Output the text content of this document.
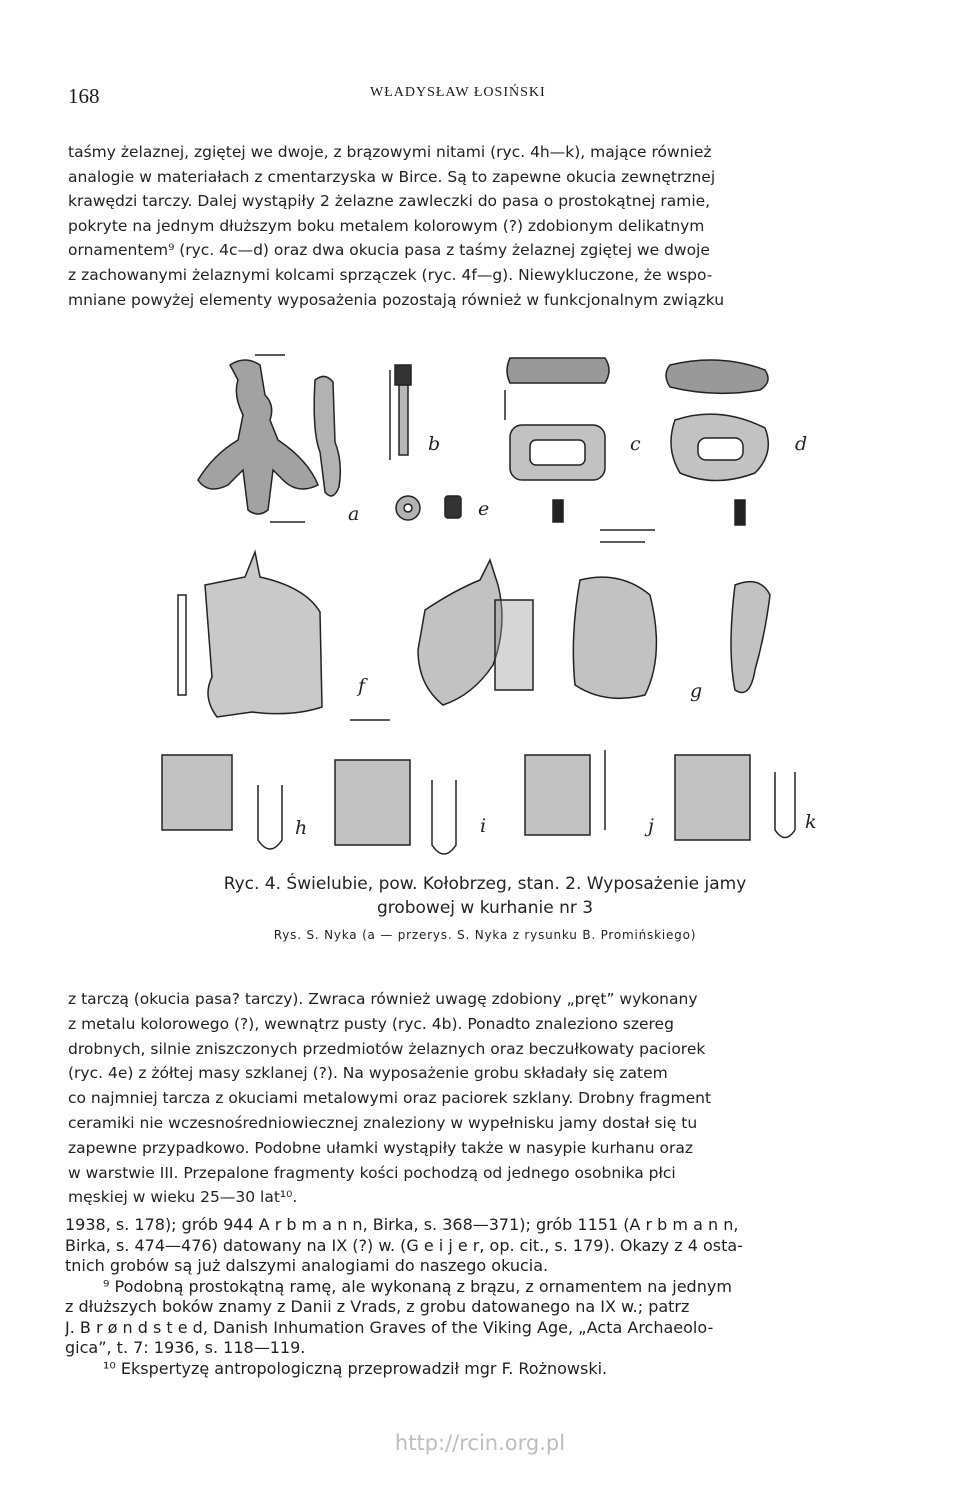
168	WŁADYSŁAW ŁOSIŃSKI

taśmy żelaznej, zgiętej we dwoje, z brązowymi nitami (ryc. 4h—k), mające również
analogie w materiałach z cmentarzyska w Birce. Są to zapewne okucia zewnętrznej
krawędzi tarczy. Dalej wystąpiły 2 żelazne zawleczki do pasa o prostokątnej ramie,
pokryte na jednym dłuższym boku metalem kolorowym (?) zdobionym delikatnym
ornamentem⁹ (ryc. 4c—d) oraz dwa okucia pasa z taśmy żelaznej zgiętej we dwoje
z zachowanymi żelaznymi kolcami sprzączek (ryc. 4f—g). Niewykluczone, że wspo-
mniane powyżej elementy wyposażenia pozostają również w funkcjonalnym związku

a
b	c	d
e
f	g
h	i	j	k
Ryc. 4. Świelubie, pow. Kołobrzeg, stan. 2. Wyposażenie jamy
grobowej w kurhanie nr 3
Rys. S. Nyka (a — przerys. S. Nyka z rysunku B. Promińskiego)

z tarczą (okucia pasa? tarczy). Zwraca również uwagę zdobiony „pręt” wykonany
z metalu kolorowego (?), wewnątrz pusty (ryc. 4b). Ponadto znaleziono szereg
drobnych, silnie zniszczonych przedmiotów żelaznych oraz beczułkowaty paciorek
(ryc. 4e) z żółtej masy szklanej (?). Na wyposażenie grobu składały się zatem
co najmniej tarcza z okuciami metalowymi oraz paciorek szklany. Drobny fragment
ceramiki nie wczesnośredniowiecznej znaleziony w wypełnisku jamy dostał się tu
zapewne przypadkowo. Podobne ułamki wystąpiły także w nasypie kurhanu oraz
w warstwie III. Przepalone fragmenty kości pochodzą od jednego osobnika płci
męskiej w wieku 25—30 lat¹⁰.

1938, s. 178); grób 944 A r b m a n n, Birka, s. 368—371); grób 1151 (A r b m a n n,
Birka, s. 474—476) datowany na IX (?) w. (G e i j e r, op. cit., s. 179). Okazy z 4 osta-
tnich grobów są już dalszymi analogiami do naszego okucia.
⁹ Podobną prostokątną ramę, ale wykonaną z brązu, z ornamentem na jednym
z dłuższych boków znamy z Danii z Vrads, z grobu datowanego na IX w.; patrz
J. B r ø n d s t e d, Danish Inhumation Graves of the Viking Age, „Acta Archaeolo-
gica”, t. 7: 1936, s. 118—119.
¹⁰ Ekspertyzę antropologiczną przeprowadził mgr F. Rożnowski.
http://rcin.org.pl
